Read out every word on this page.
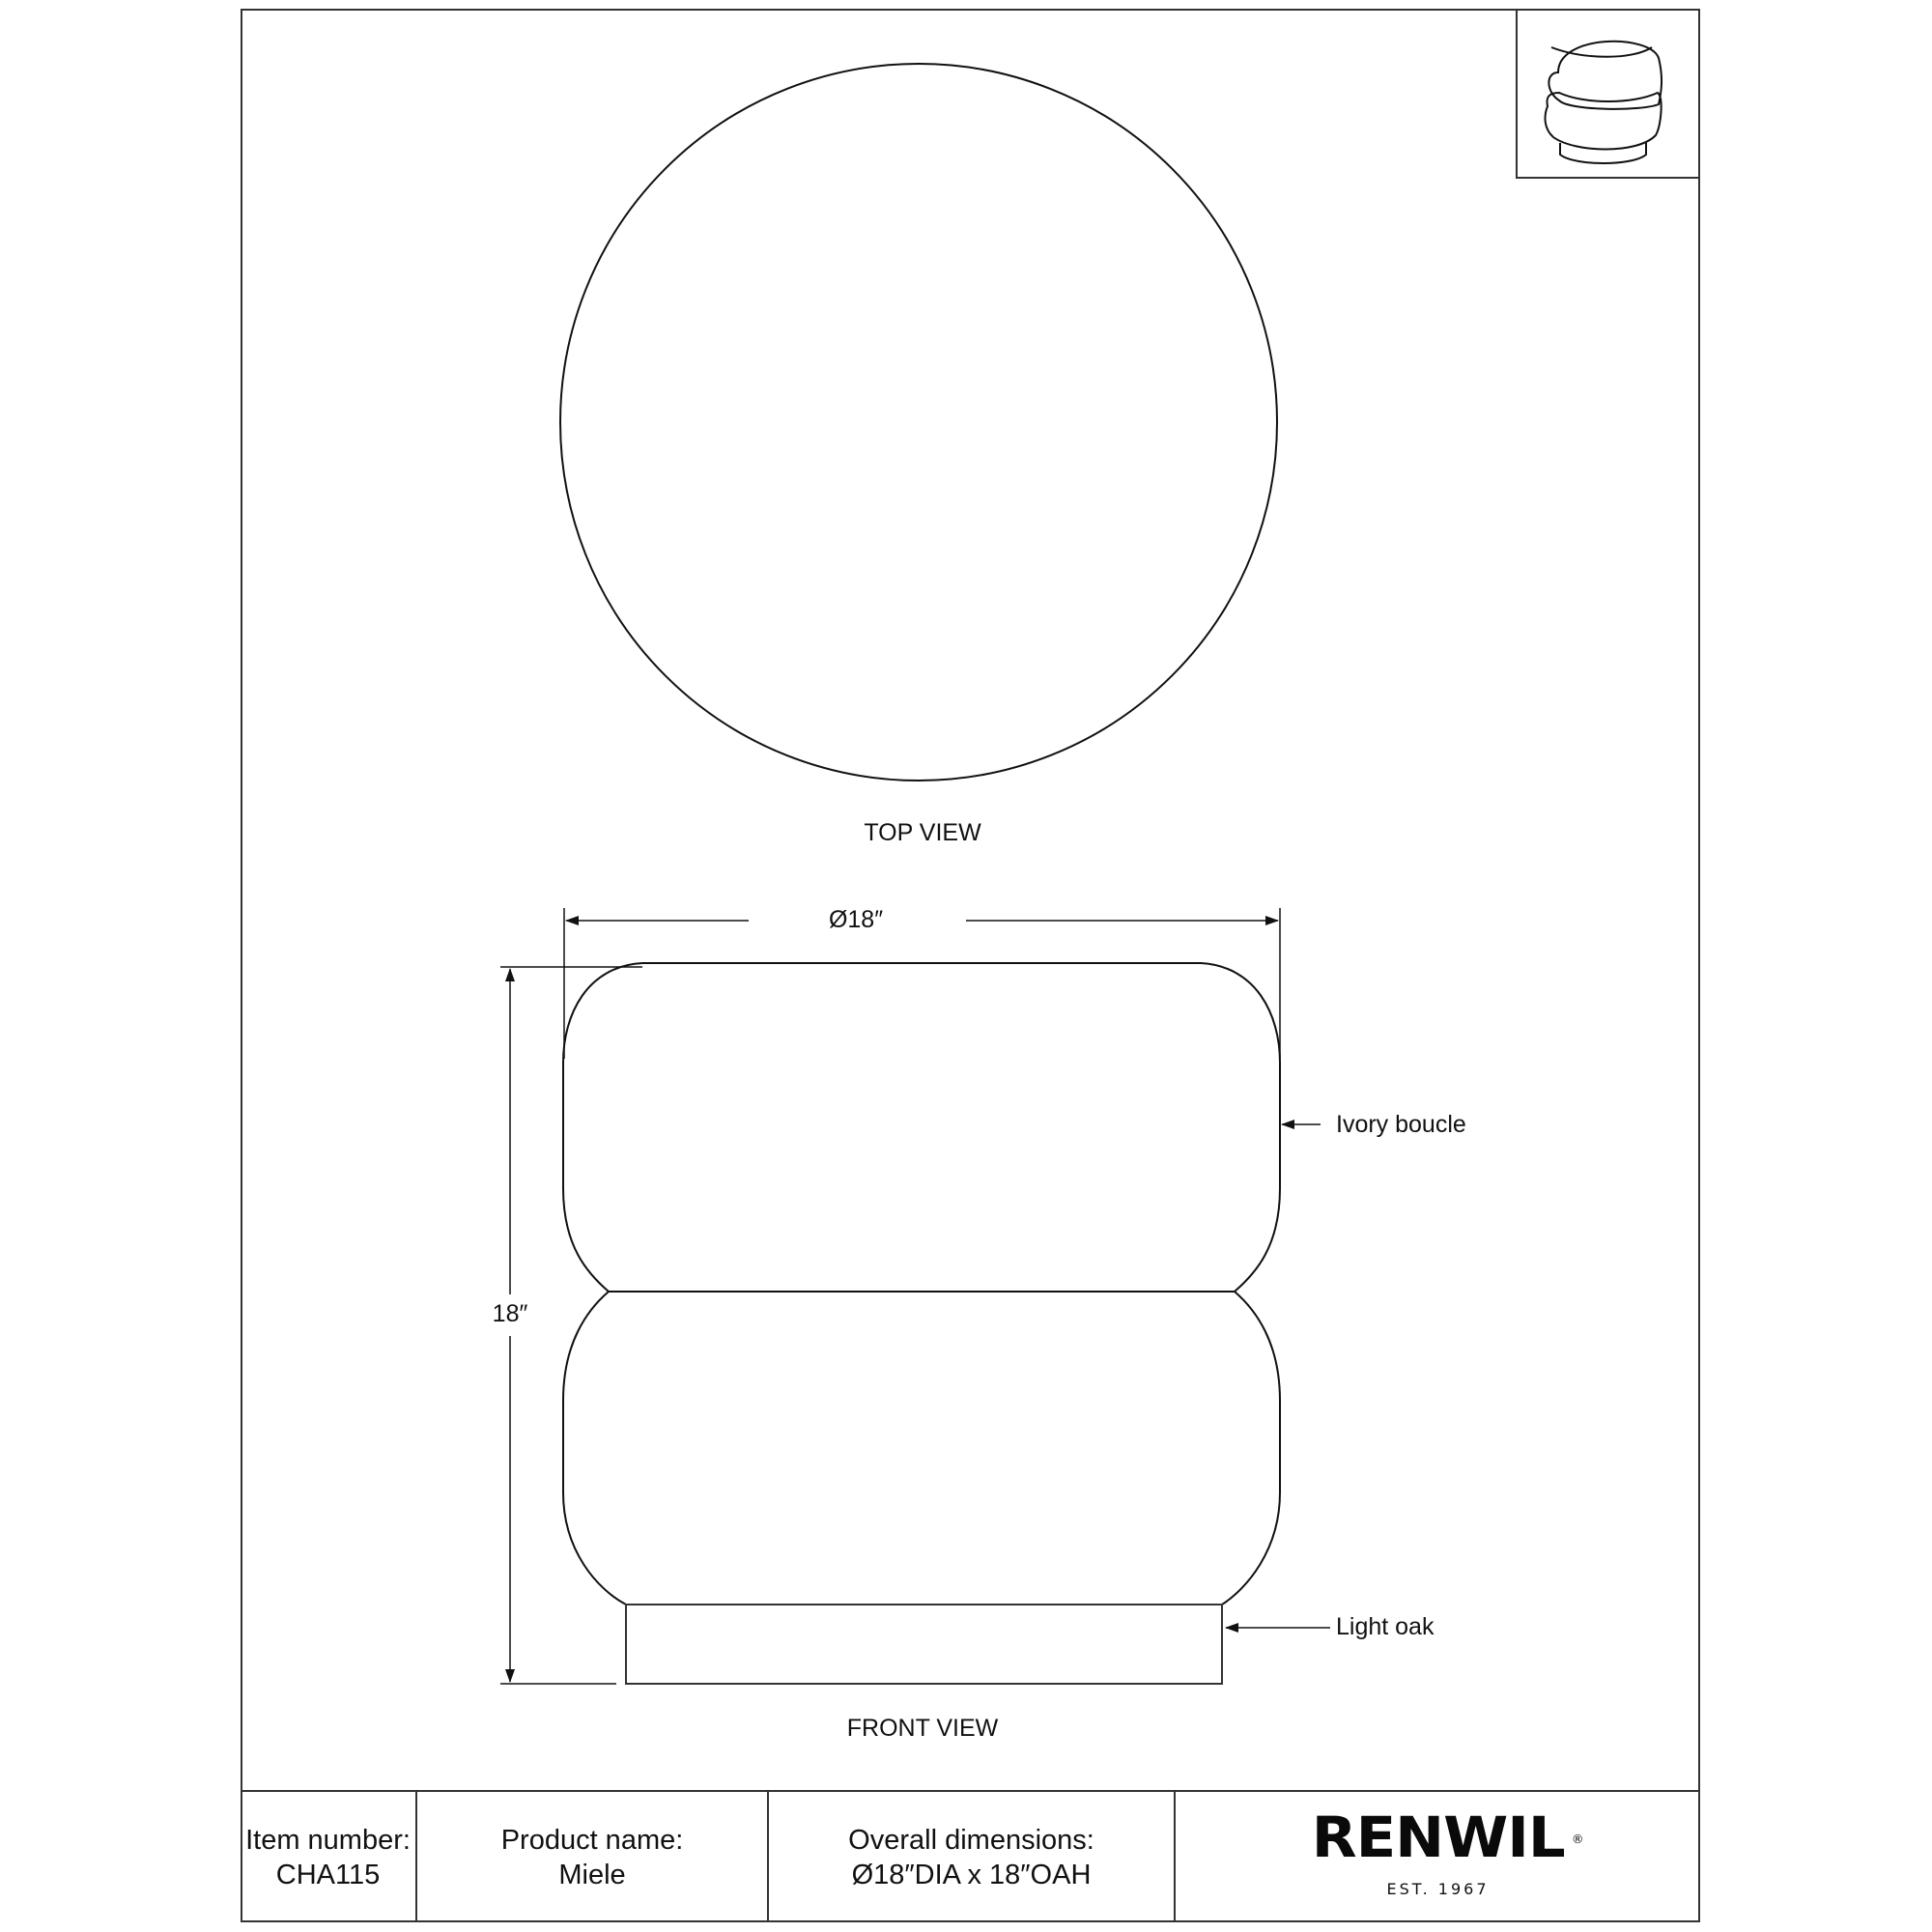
TOP VIEW
FRONT VIEW
Ø18″
18″
Ivory boucle
Light oak
Item number:
CHA115
Product name:
Miele
Overall dimensions:
Ø18″DIA x 18″OAH
RENWIL ®
EST. 1967
